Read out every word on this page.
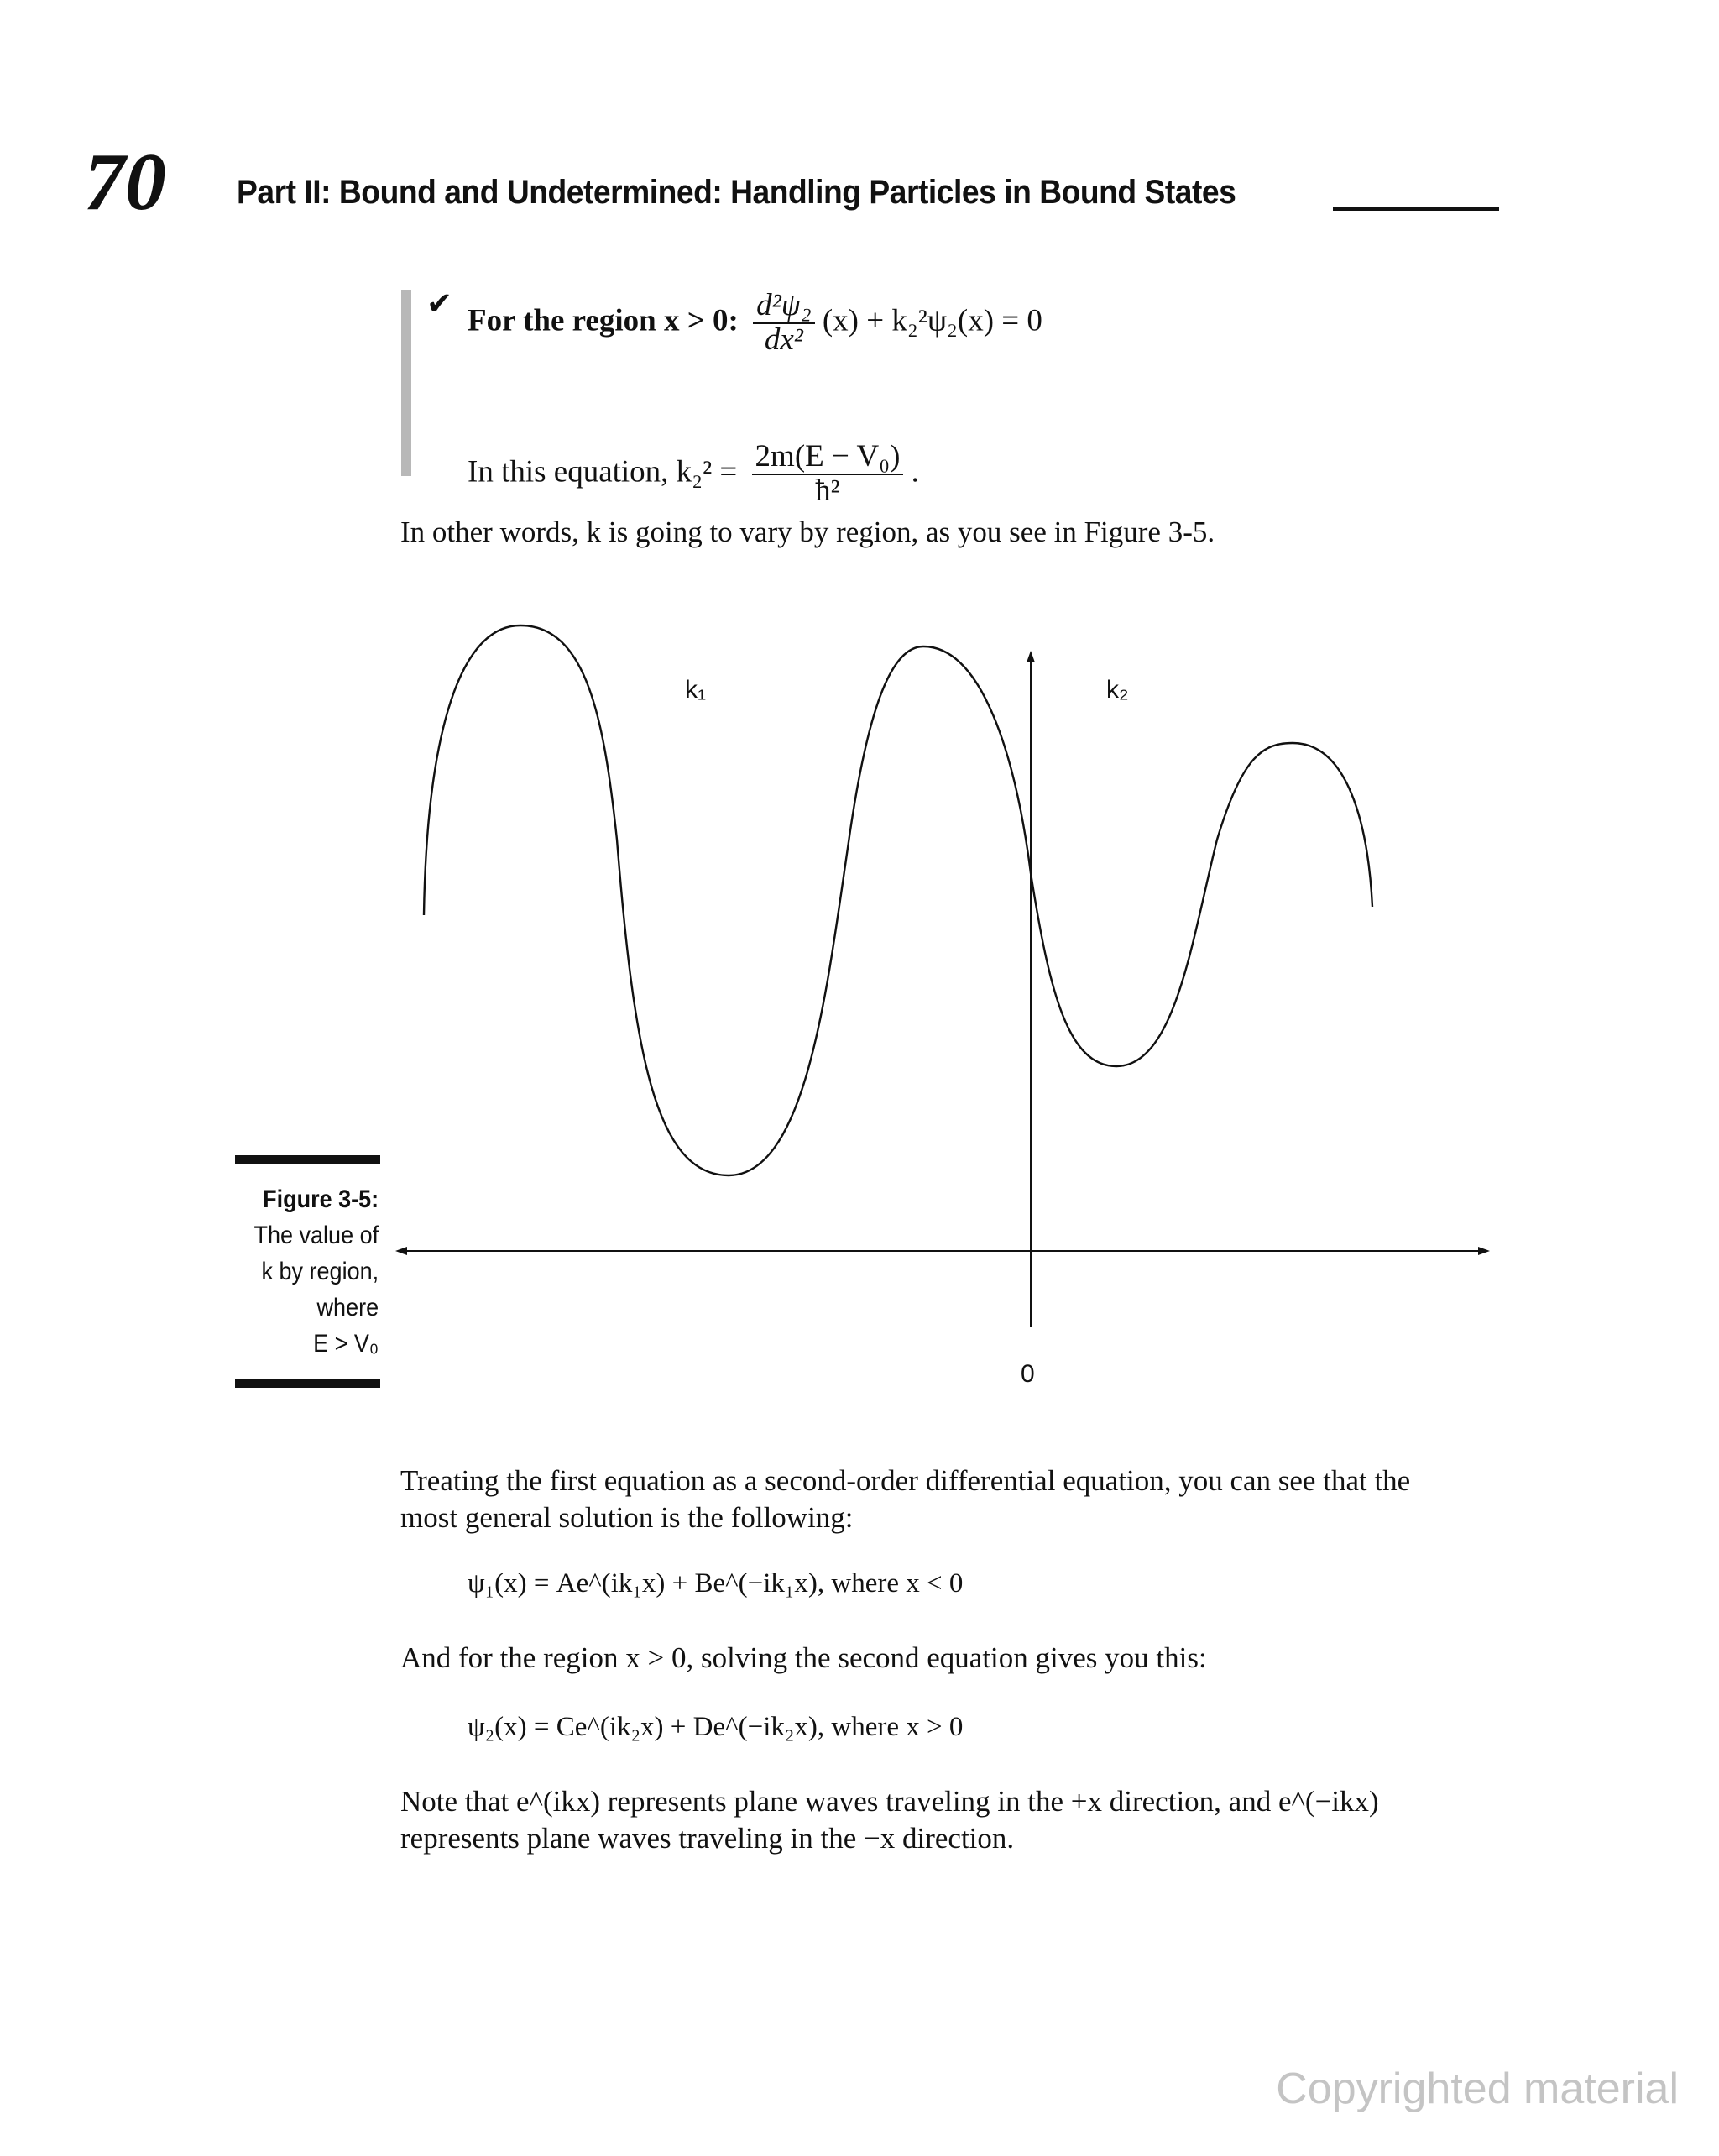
70 Part II: Bound and Undetermined: Handling Particles in Bound States
✔ For the region x > 0: $\frac{\text{d²ψ₂}}{\text{dx²}} (x) + k_2^2\psi_2(x) = 0$
In this equation, $k_2^2 = \frac{\text{2m(E − V₀)}}{\text{ħ²}}$ .
In other words, k is going to vary by region, as you see in Figure 3-5.
k₁	k₂
0
Figure 3-5:
The value of
k by region,
where
E > V₀
Treating the first equation as a second-order differential equation, you can see that the most general solution is the following:
ψ₁(x) = Ae^(ik₁x) + Be^(−ik₁x), where x < 0
And for the region x > 0, solving the second equation gives you this:
ψ₂(x) = Ce^(ik₂x) + De^(−ik₂x), where x > 0
Note that e^(ikx) represents plane waves traveling in the +x direction, and e^(−ikx) represents plane waves traveling in the −x direction.
Copyrighted material
